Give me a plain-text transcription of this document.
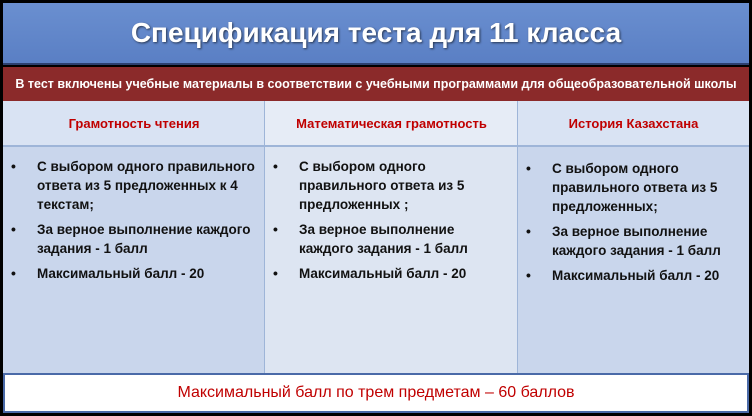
Спецификация теста для 11 класса
В тест включены учебные материалы в соответствии с учебными программами для общеобразовательной школы
Грамотность чтения
• С выбором одного правильного ответа из 5 предложенных к 4 текстам;
• За верное выполнение каждого задания - 1 балл
• Максимальный балл - 20
Математическая грамотность
• С выбором одного правильного ответа из 5 предложенных ;
• За верное выполнение каждого задания - 1 балл
• Максимальный балл - 20
История Казахстана
• С выбором одного правильного ответа из 5 предложенных;
• За верное выполнение каждого задания - 1 балл
• Максимальный балл - 20
Максимальный балл по трем предметам – 60 баллов
